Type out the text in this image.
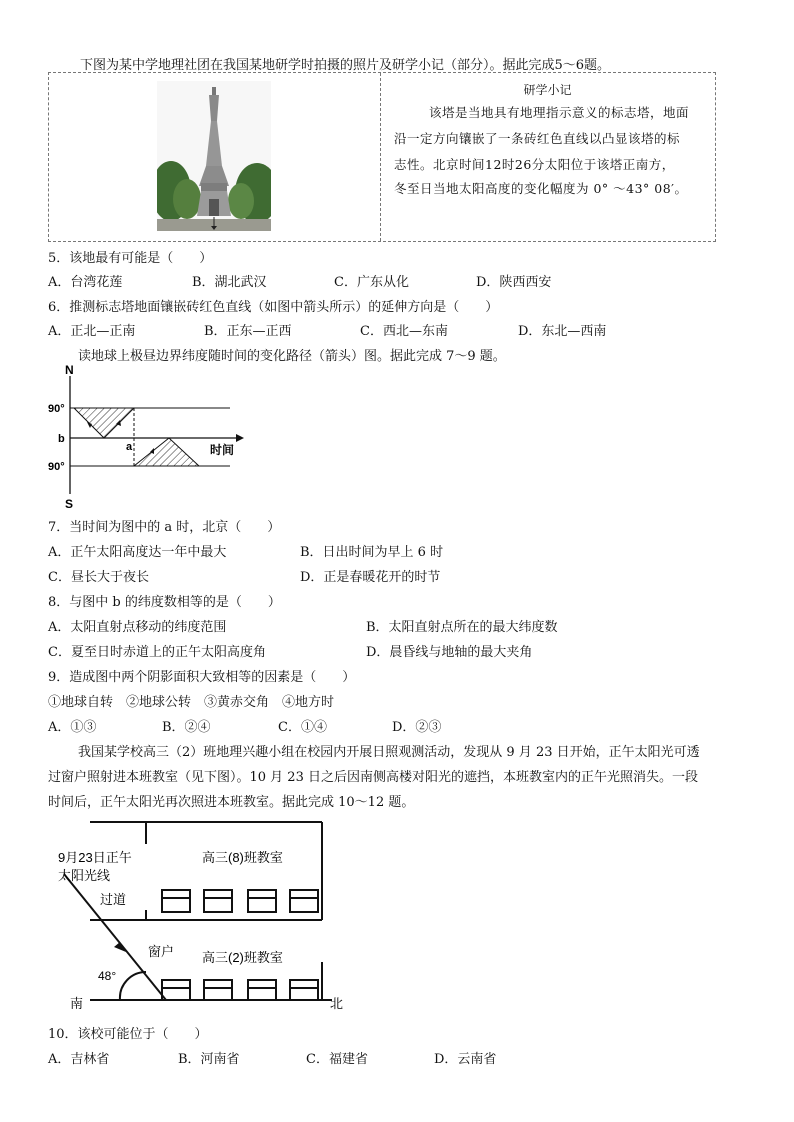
下图为某中学地理社团在我国某地研学时拍摄的照片及研学小记（部分）。据此完成5～6题。
研学小记
该塔是当地具有地理指示意义的标志塔，地面
沿一定方向镶嵌了一条砖红色直线以凸显该塔的标
志性。北京时间12时26分太阳位于该塔正南方，
冬至日当地太阳高度的变化幅度为 0° ～43° 08′。
5．该地最有可能是（　　）
A．台湾花莲	B．湖北武汉	C．广东从化	D．陕西西安
6．推测标志塔地面镶嵌砖红色直线（如图中箭头所示）的延伸方向是（　　）
A．正北—正南	B．正东—正西	C．西北—东南	D．东北—西南
读地球上极昼边界纬度随时间的变化路径（箭头）图。据此完成 7～9 题。
N
S
90°
b
90°
a	时间
7．当时间为图中的 a 时，北京（　　）
A．正午太阳高度达一年中最大	B．日出时间为早上 6 时
C．昼长大于夜长	D．正是春暖花开的时节
8．与图中 b 的纬度数相等的是（　　）
A．太阳直射点移动的纬度范围	B．太阳直射点所在的最大纬度数
C．夏至日时赤道上的正午太阳高度角	D．晨昏线与地轴的最大夹角
9．造成图中两个阴影面积大致相等的因素是（　　）
①地球自转　②地球公转　③黄赤交角　④地方时
A．①③	B．②④	C．①④	D．②③
我国某学校高三（2）班地理兴趣小组在校园内开展日照观测活动，发现从 9 月 23 日开始，正午太阳光可透
过窗户照射进本班教室（见下图）。10 月 23 日之后因南侧高楼对阳光的遮挡，本班教室内的正午光照消失。一段
时间后，正午太阳光再次照进本班教室。据此完成 10～12 题。
9月23日正午
太阳光线
高三(8)班教室
过道
窗户 高三(2)班教室
48°
南	北
10．该校可能位于（　　）
A．吉林省	B．河南省	C．福建省	D．云南省
